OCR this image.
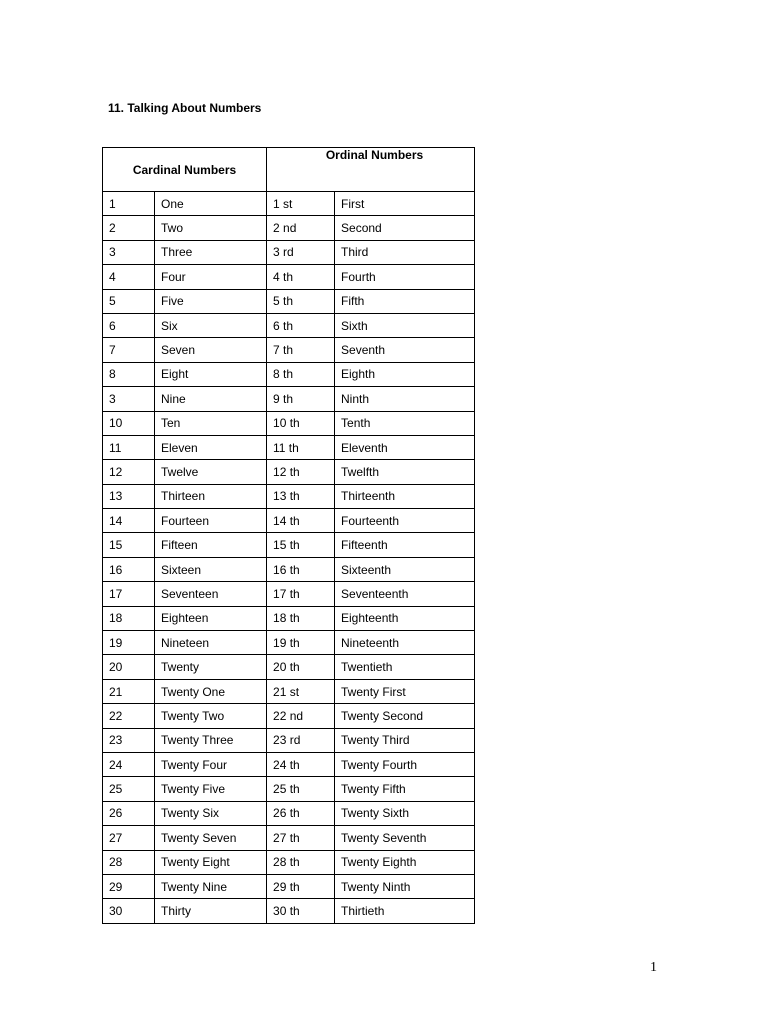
11. Talking About Numbers
Cardinal Numbers		Ordinal Numbers	
1	One	1 st	First
2	Two	2 nd	Second
3	Three	3 rd	Third
4	Four	4 th	Fourth
5	Five	5 th	Fifth
6	Six	6 th	Sixth
7	Seven	7 th	Seventh
8	Eight	8 th	Eighth
3	Nine	9 th	Ninth
10	Ten	10 th	Tenth
11	Eleven	11 th	Eleventh
12	Twelve	12 th	Twelfth
13	Thirteen	13 th	Thirteenth
14	Fourteen	14 th	Fourteenth
15	Fifteen	15 th	Fifteenth
16	Sixteen	16 th	Sixteenth
17	Seventeen	17 th	Seventeenth
18	Eighteen	18 th	Eighteenth
19	Nineteen	19 th	Nineteenth
20	Twenty	20 th	Twentieth
21	Twenty One	21 st	Twenty First
22	Twenty Two	22 nd	Twenty Second
23	Twenty Three	23 rd	Twenty Third
24	Twenty Four	24 th	Twenty Fourth
25	Twenty Five	25 th	Twenty Fifth
26	Twenty Six	26 th	Twenty Sixth
27	Twenty Seven	27 th	Twenty Seventh
28	Twenty Eight	28 th	Twenty Eighth
29	Twenty Nine	29 th	Twenty Ninth
30	Thirty	30 th	Thirtieth
1
